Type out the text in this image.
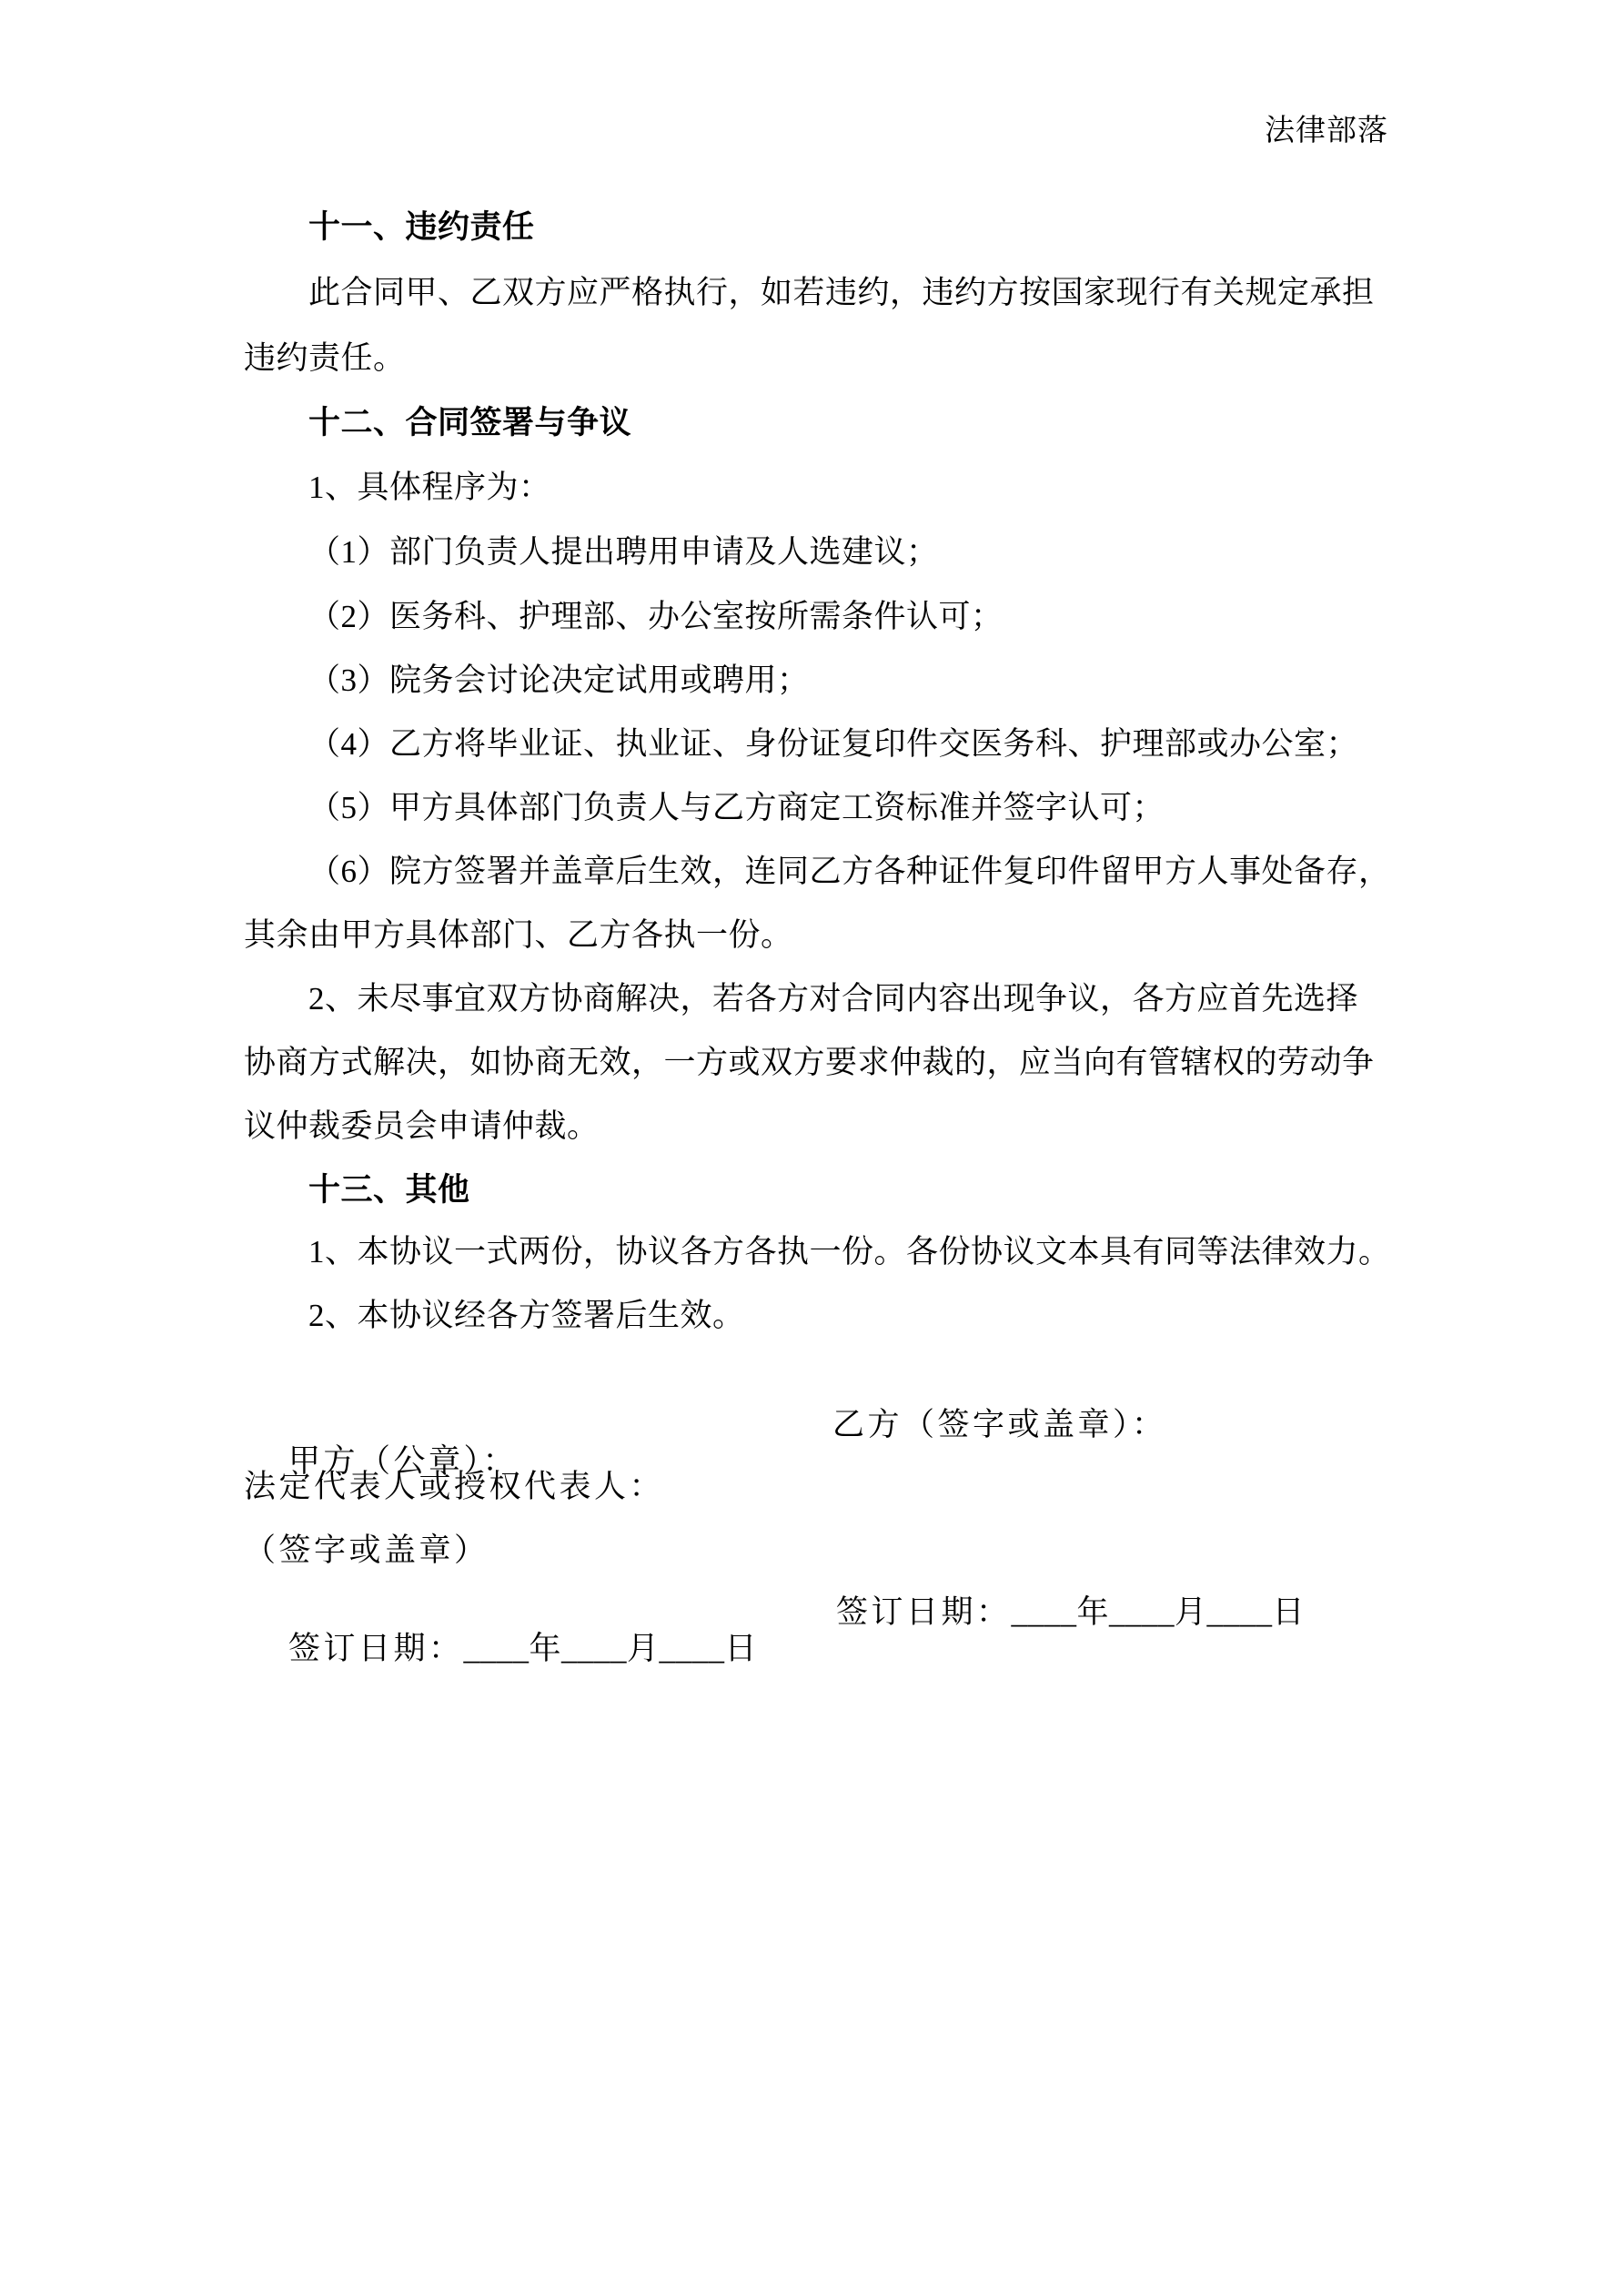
法律部落
十一、违约责任
此合同甲、乙双方应严格执行，如若违约，违约方按国家现行有关规定承担
违约责任。
十二、合同签署与争议
1、具体程序为：
（1）部门负责人提出聘用申请及人选建议；
（2）医务科、护理部、办公室按所需条件认可；
（3）院务会讨论决定试用或聘用；
（4）乙方将毕业证、执业证、身份证复印件交医务科、护理部或办公室；
（5）甲方具体部门负责人与乙方商定工资标准并签字认可；
（6）院方签署并盖章后生效，连同乙方各种证件复印件留甲方人事处备存，
其余由甲方具体部门、乙方各执一份。
2、未尽事宜双方协商解决，若各方对合同内容出现争议，各方应首先选择
协商方式解决，如协商无效，一方或双方要求仲裁的，应当向有管辖权的劳动争
议仲裁委员会申请仲裁。
十三、其他
1、本协议一式两份，协议各方各执一份。各份协议文本具有同等法律效力。
2、本协议经各方签署后生效。

甲方（公章）：

乙方（签字或盖章）：

法定代表人或授权代表人：
（签字或盖章）

签订日期：____年____月____日

签订日期：____年____月____日
